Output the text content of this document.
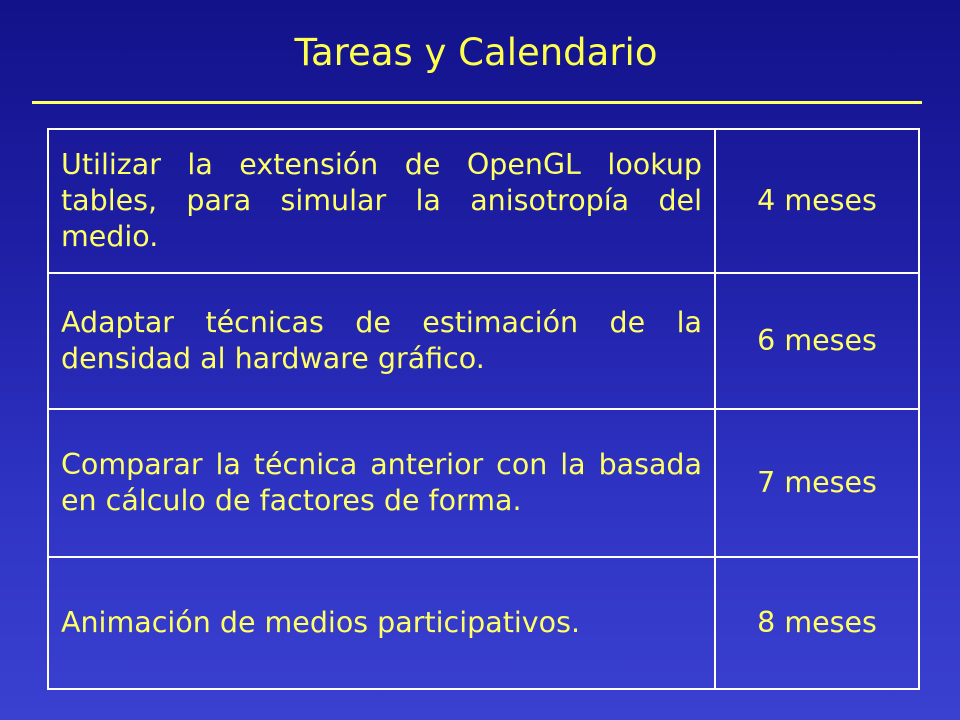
Tareas y Calendario
Utilizar la extensión de OpenGL lookup tables, para simular la anisotropía del medio.	4 meses
Adaptar técnicas de estimación de la densidad al hardware gráfico.	6 meses
Comparar la técnica anterior con la basada en cálculo de factores de forma.	7 meses
Animación de medios participativos.	8 meses
